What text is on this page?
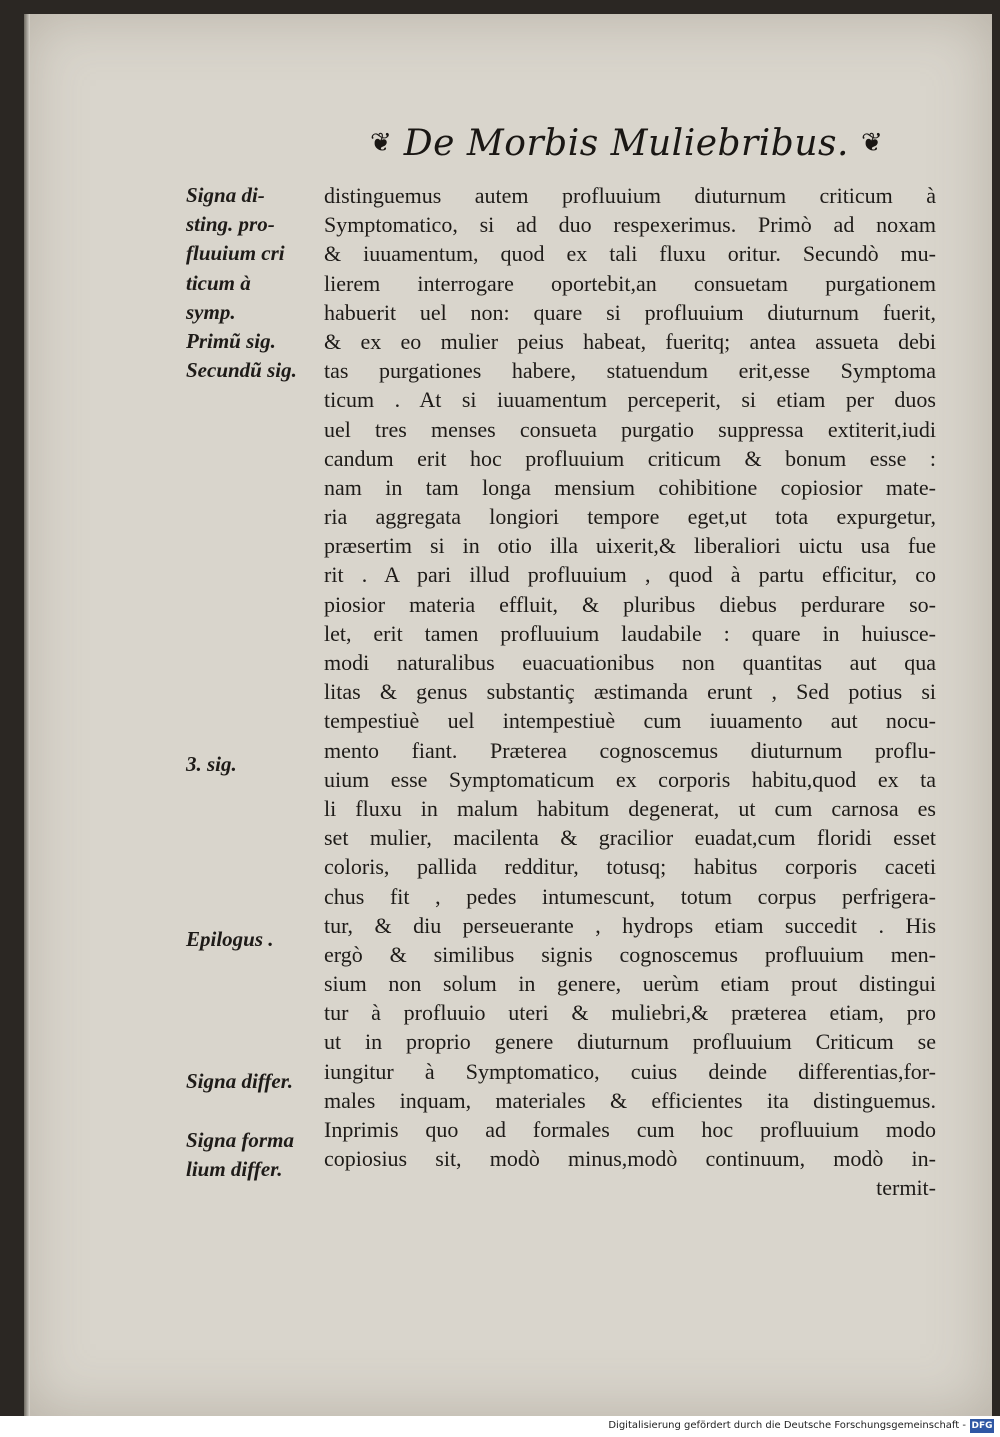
❦ De Morbis Muliebribus. ❦
distinguemus autem profluuium diuturnum criticum à
Symptomatico, si ad duo respexerimus. Primò ad noxam
& iuuamentum, quod ex tali fluxu oritur. Secundò mu-
lierem interrogare oportebit,an consuetam purgationem
habuerit uel non: quare si profluuium diuturnum fuerit,
& ex eo mulier peius habeat, fueritq; antea assueta debi
tas purgationes habere, statuendum erit,esse Symptoma
ticum . At si iuuamentum perceperit, si etiam per duos
uel tres menses consueta purgatio suppressa extiterit,iudi
candum erit hoc profluuium criticum & bonum esse :
nam in tam longa mensium cohibitione copiosior mate-
ria aggregata longiori tempore eget,ut tota expurgetur,
præsertim si in otio illa uixerit,& liberaliori uictu usa fue
rit . A pari illud profluuium , quod à partu efficitur, co
piosior materia effluit, & pluribus diebus perdurare so-
let, erit tamen profluuium laudabile : quare in huiusce-
modi naturalibus euacuationibus non quantitas aut qua
litas & genus substantiç æstimanda erunt , Sed potius si
tempestiuè uel intempestiuè cum iuuamento aut nocu-
mento fiant. Præterea cognoscemus diuturnum proflu-
uium esse Symptomaticum ex corporis habitu,quod ex ta
li fluxu in malum habitum degenerat, ut cum carnosa es
set mulier, macilenta & gracilior euadat,cum floridi esset
coloris, pallida redditur, totusq; habitus corporis caceti
chus fit , pedes intumescunt, totum corpus perfrigera-
tur, & diu perseuerante , hydrops etiam succedit . His
ergò & similibus signis cognoscemus profluuium men-
sium non solum in genere, uerùm etiam prout distingui
tur à profluuio uteri & muliebri,& præterea etiam, pro
ut in proprio genere diuturnum profluuium Criticum se
iungitur à Symptomatico, cuius deinde differentias,for-
males inquam, materiales & efficientes ita distinguemus.
Inprimis quo ad formales cum hoc profluuium modo
copiosius sit, modò minus,modò continuum, modò in-
termit-
Signa di-
sting. pro-
fluuium cri
ticum à
symp.
Primũ sig.
Secundũ sig.
3. sig.
Epilogus .
Signa differ.
Signa forma
lium differ.
Digitalisierung gefördert durch die Deutsche Forschungsgemeinschaft - DFG
